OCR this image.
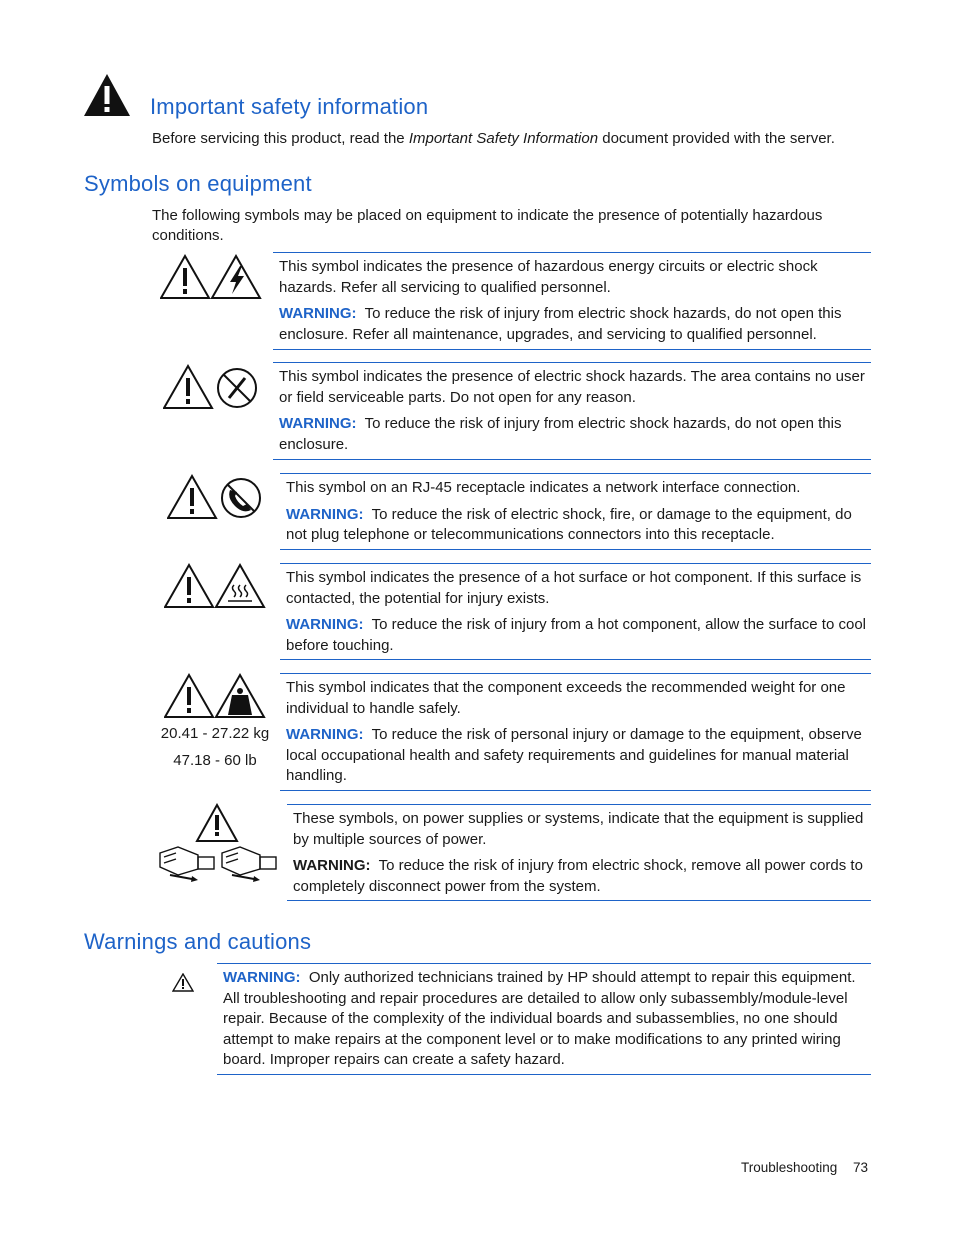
Important safety information
Before servicing this product, read the Important Safety Information document provided with the server.
Symbols on equipment
The following symbols may be placed on equipment to indicate the presence of potentially hazardous conditions.
This symbol indicates the presence of hazardous energy circuits or electric shock hazards. Refer all servicing to qualified personnel.
WARNING: To reduce the risk of injury from electric shock hazards, do not open this enclosure. Refer all maintenance, upgrades, and servicing to qualified personnel.
This symbol indicates the presence of electric shock hazards. The area contains no user or field serviceable parts. Do not open for any reason.
WARNING: To reduce the risk of injury from electric shock hazards, do not open this enclosure.
This symbol on an RJ-45 receptacle indicates a network interface connection.
WARNING: To reduce the risk of electric shock, fire, or damage to the equipment, do not plug telephone or telecommunications connectors into this receptacle.
This symbol indicates the presence of a hot surface or hot component. If this surface is contacted, the potential for injury exists.
WARNING: To reduce the risk of injury from a hot component, allow the surface to cool before touching.
20.41 - 27.22 kg
47.18 - 60 lb
This symbol indicates that the component exceeds the recommended weight for one individual to handle safely.
WARNING: To reduce the risk of personal injury or damage to the equipment, observe local occupational health and safety requirements and guidelines for manual material handling.
These symbols, on power supplies or systems, indicate that the equipment is supplied by multiple sources of power.
WARNING: To reduce the risk of injury from electric shock, remove all power cords to completely disconnect power from the system.
Warnings and cautions
WARNING: Only authorized technicians trained by HP should attempt to repair this equipment. All troubleshooting and repair procedures are detailed to allow only subassembly/module-level repair. Because of the complexity of the individual boards and subassemblies, no one should attempt to make repairs at the component level or to make modifications to any printed wiring board. Improper repairs can create a safety hazard.
Troubleshooting 73
